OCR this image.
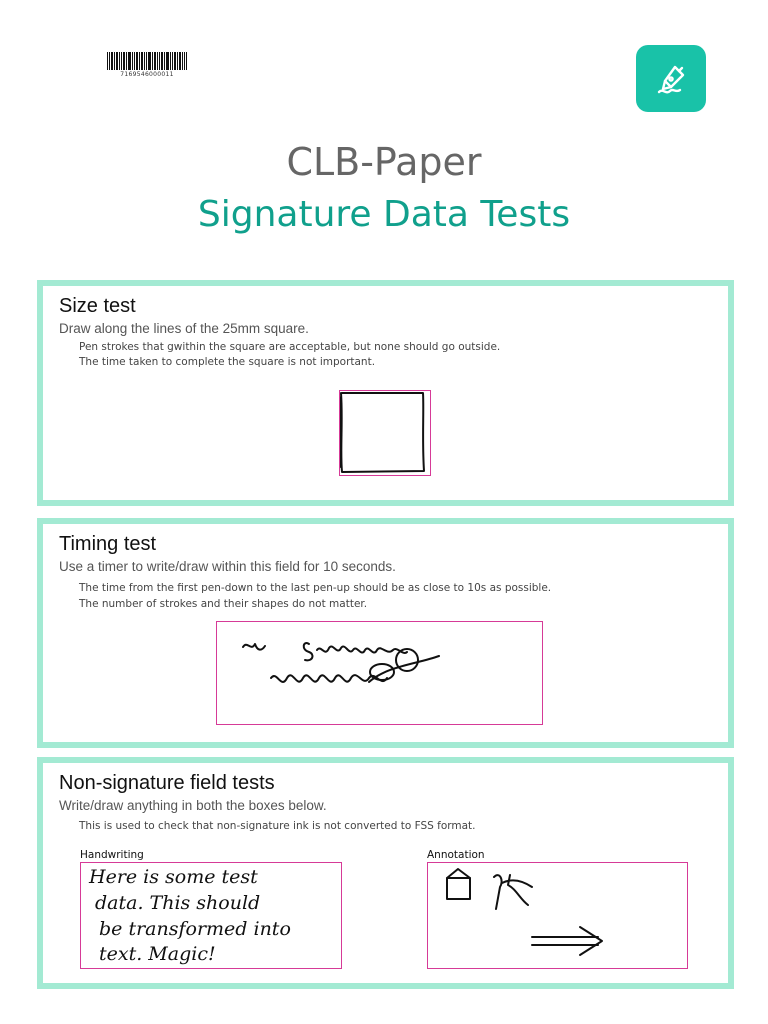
7169546000011
CLB-Paper
Signature Data Tests
Size test

Draw along the lines of the 25mm square.

Pen strokes that gwithin the square are acceptable, but none should go outside.

The time taken to complete the square is not important.

Timing test

Use a timer to write/draw within this field for 10 seconds.

The time from the first pen-down to the last pen-up should be as close to 10s as possible.

The number of strokes and their shapes do not matter.

Non-signature field tests

Write/draw anything in both the boxes below.

This is used to check that non-signature ink is not converted to FSS format.

Handwriting	Annotation
Here is some test
data. This should
be transformed into
text. Magic!
